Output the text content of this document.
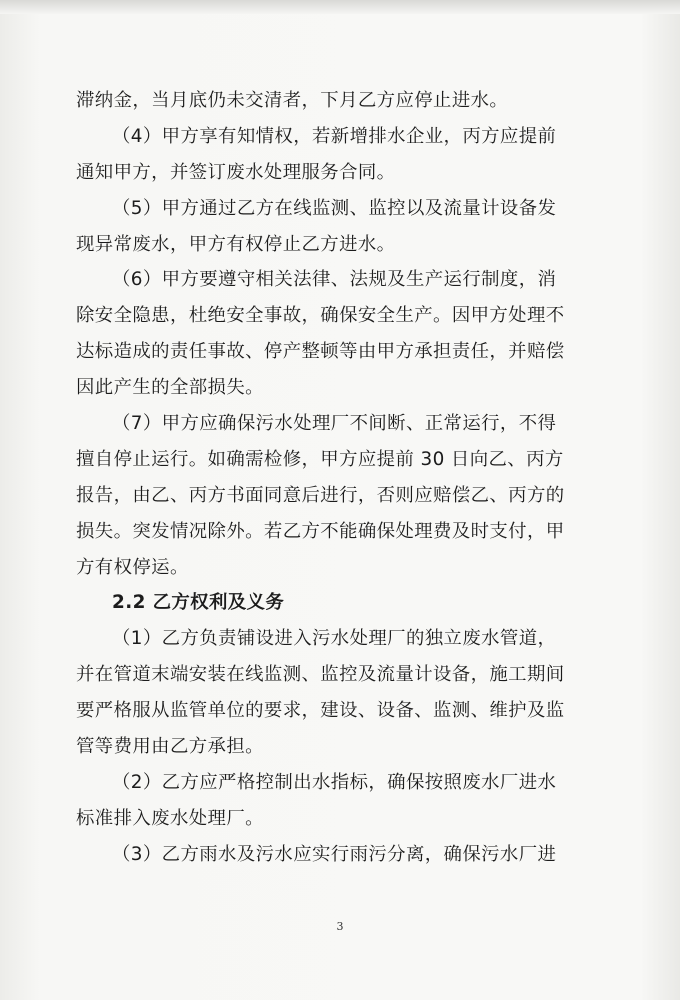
滞纳金，当月底仍未交清者，下月乙方应停止进水。
（4）甲方享有知情权，若新增排水企业，丙方应提前
通知甲方，并签订废水处理服务合同。
（5）甲方通过乙方在线监测、监控以及流量计设备发
现异常废水，甲方有权停止乙方进水。
（6）甲方要遵守相关法律、法规及生产运行制度，消
除安全隐患，杜绝安全事故，确保安全生产。因甲方处理不
达标造成的责任事故、停产整顿等由甲方承担责任，并赔偿
因此产生的全部损失。
（7）甲方应确保污水处理厂不间断、正常运行，不得
擅自停止运行。如确需检修，甲方应提前 30 日向乙、丙方
报告，由乙、丙方书面同意后进行，否则应赔偿乙、丙方的
损失。突发情况除外。若乙方不能确保处理费及时支付，甲
方有权停运。
2.2 乙方权利及义务
（1）乙方负责铺设进入污水处理厂的独立废水管道，
并在管道末端安装在线监测、监控及流量计设备，施工期间
要严格服从监管单位的要求，建设、设备、监测、维护及监
管等费用由乙方承担。
（2）乙方应严格控制出水指标，确保按照废水厂进水
标准排入废水处理厂。
（3）乙方雨水及污水应实行雨污分离，确保污水厂进
3
